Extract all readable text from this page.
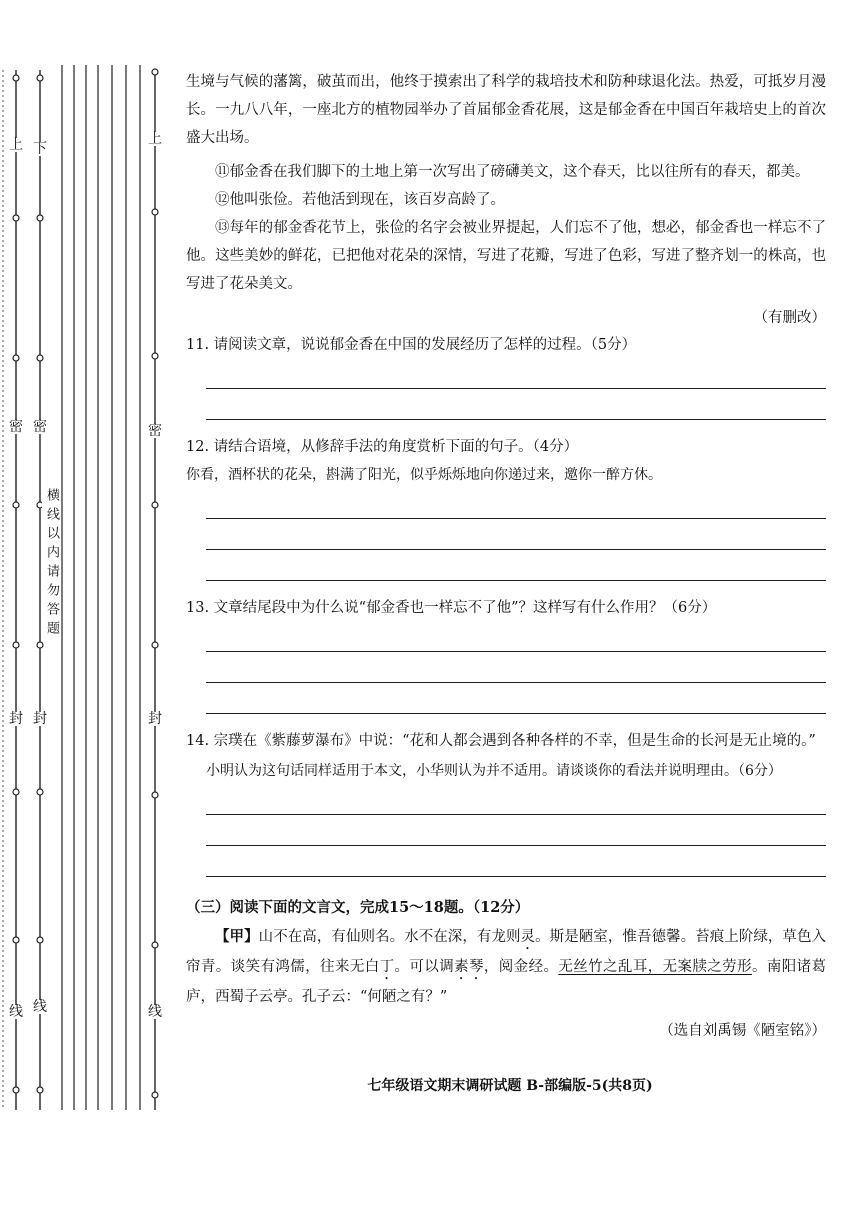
上
密
封
线
下
密
封
线
横线以内请勿答题
上
密
封
线

生境与气候的藩篱，破茧而出，他终于摸索出了科学的栽培技术和防种球退化法。热爱，可抵岁月漫长。一九八八年，一座北方的植物园举办了首届郁金香花展，这是郁金香在中国百年栽培史上的首次盛大出场。

⑪郁金香在我们脚下的土地上第一次写出了磅礴美文，这个春天，比以往所有的春天，都美。

⑫他叫张俭。若他活到现在，该百岁高龄了。

⑬每年的郁金香花节上，张俭的名字会被业界提起，人们忘不了他，想必，郁金香也一样忘不了他。这些美妙的鲜花，已把他对花朵的深情，写进了花瓣，写进了色彩，写进了整齐划一的株高，也写进了花朵美文。

（有删改）

11. 请阅读文章，说说郁金香在中国的发展经历了怎样的过程。（5分）

12. 请结合语境，从修辞手法的角度赏析下面的句子。（4分）

你看，酒杯状的花朵，斟满了阳光，似乎烁烁地向你递过来，邀你一醉方休。

13. 文章结尾段中为什么说“郁金香也一样忘不了他”？这样写有什么作用？（6分）

14. 宗璞在《紫藤萝瀑布》中说：“花和人都会遇到各种各样的不幸，但是生命的长河是无止境的。”

小明认为这句话同样适用于本文，小华则认为并不适用。请谈谈你的看法并说明理由。（6分）

（三）阅读下面的文言文，完成15～18题。（12分）

【甲】山不在高，有仙则名。水不在深，有龙则灵。斯是陋室，惟吾德馨。苔痕上阶绿，草色入帘青。谈笑有鸿儒，往来无白丁。可以调素琴，阅金经。无丝竹之乱耳，无案牍之劳形。南阳诸葛庐，西蜀子云亭。孔子云：“何陋之有？”

（选自刘禹锡《陋室铭》）

七年级语文期末调研试题 B-部编版-5(共8页)
